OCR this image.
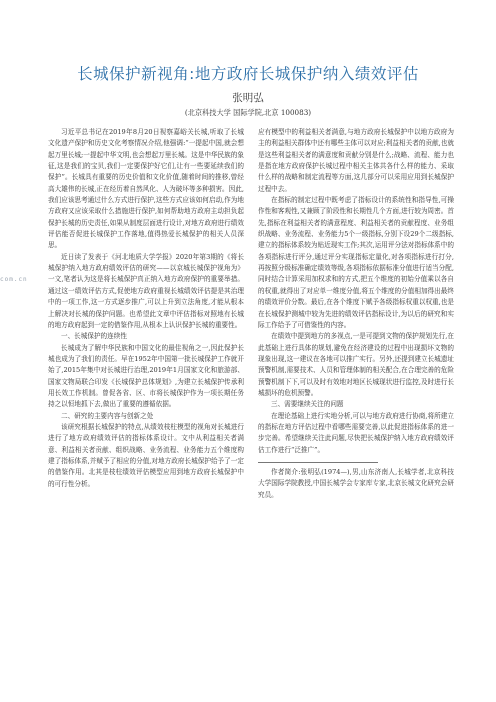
长城保护新视角:地方政府长城保护纳入绩效评估
张明弘
(北京科技大学 国际学院,北京 100083)
com.cn

习近平总书记在2019年8月20日视察嘉峪关长城,听取了长城文化遗产保护和历史文化考察情况介绍,他强调:“一提起中国,就会想起万里长城;一提起中华文明,也会想起万里长城。这是中华民族的象征,这是我们的宝贝,我们一定要保护好它们,让有一些要延续我们的保护”。长城具有重要的历史价值和文化价值,随着时间的推移,曾经高大雄伟的长城,正在经历着自然风化、人为破坏等多种损害。因此,我们应该思考通过什么方式进行保护,这些方式应该如何启动,作为地方政府又应该采取什么措施进行保护,如何帮助地方政府主动担负起保护长城的历史责任,如果从制度层面进行设计,对地方政府进行绩效评估能否促进长城保护工作落地,值得热爱长城保护的相关人员深思。

近日读了发表于《河北地质大学学报》2020年第3期的《将长城保护纳入地方政府绩效评估的研究——以京城长城保护视角为》一文,笔者认为这是将长城保护真正纳入地方政府保护的重要举措。通过这一绩效评估方式,促使地方政府重视长城绩效评估提是其治理中的一项工作,这一方式逐步推广,可以上升到立法角度,才能从根本上解决对长城的保护问题。也希望此文章中评估指标对照地有长城的地方政府起到一定的借鉴作用,从根本上认识保护长城的重要性。

一、长城保护的连续性

长城成为了解中华民族和中国文化的最佳视角之一,因此保护长城也成为了我们的责任。早在1952年中国第一批长城保护工作就开始了,2015年集中对长城进行治理,2019年1月国家文化和旅游部、国家文物局联合印发《长城保护总体规划》,为建立长城保护传承利用长效工作机制。曾促各省、区、市将长城保护作为一项长期任务持之以恒地抓下去,做出了重要的遵循依据。

二、研究的主要内容与创新之处

该研究根据长城保护的特点,从绩效枝柱模型的视角对长城进行进行了地方政府绩效评估的指标体系设计。文中从利益相关者满意、利益相关者贡献、组织战略、业务流程、业务能力五个维度构建了指标体系,并赋予了相应的分值,对地方政府长城保护给予了一定的借鉴作用。北其是枝柱绩效评估模型应用到地方政府长城保护中的可行性分析。

应有模型中的利益相关者满意,与地方政府长城保护中以地方政府为主的利益相关群体中还有哪些主体可以对应;利益相关者的贡献,也就是这些利益相关者的满意度和贡献分别是什么;战略、流程、能力也是指在地方政府保护长城过程中相关主体共各什么样的能力、采取什么样的战略和制定流程等方面,这几部分可以采用应用到长城保护过程中去。

在指标的制定过程中既考虑了指标设计的系统性和指导性,可操作性和客观性,又兼顾了阶段性和长期性几个方面,进行较为周密。首先,指标在利益相关者的满意程度、利益相关者的贡献程度、业务组织战略、业务流程、业务能力5个一级指标,分别下设29个二级指标,建立的指标体系较为贴近现实工作;其次,运用评分法对指标体系中的各项指标进行评分,通过评分实现指标定量化,对各项指标进行打分,再按照分级标准确定绩效等级,各项指标依据标准分值进行适当分配,同时结合计算采用加权求和的方式,把五个维度的初始分值乘以各自的权重,就得出了对应单一维度分值,将五个维度的分值相加得出最终的绩效评价分数。最后,在各个维度下赋予各级指标权重以权重,也是在长城保护测城中较为先进的绩效评估指标设计,为以后的研究和实际工作给予了可借鉴性的内容。

在绩效中提到地方的多视点,一是可提到文物的保护规划先行,在此基础上进行具体的规划,避免在经济建设的过程中出现损坏文物的现象出现,这一建议在各地可以推广实行。另外,还提到建立长城遗址预警机制,需要技术、人员和管理体制的相关配合,在合理完善的危险预警机制下下,可以及时有效地对地区长城现状进行监控,及时进行长城损坏的危机预警。

三、需要继续关注的问题

在理论基础上进行实地分析,可以与地方政府进行协商,将所建立的指标在地方评估过程中看哪些需要完善,以此促进指标体系的进一步完善。希望继续关注此问题,尽快把长城保护纳入地方政府绩效评估工作进行“泛推广”。

作者简介:张明弘(1974—),男,山东济南人,长城学者,北京科技大学国际学院教授,中国长城学会专家库专家,北京长城文化研究会研究员。
